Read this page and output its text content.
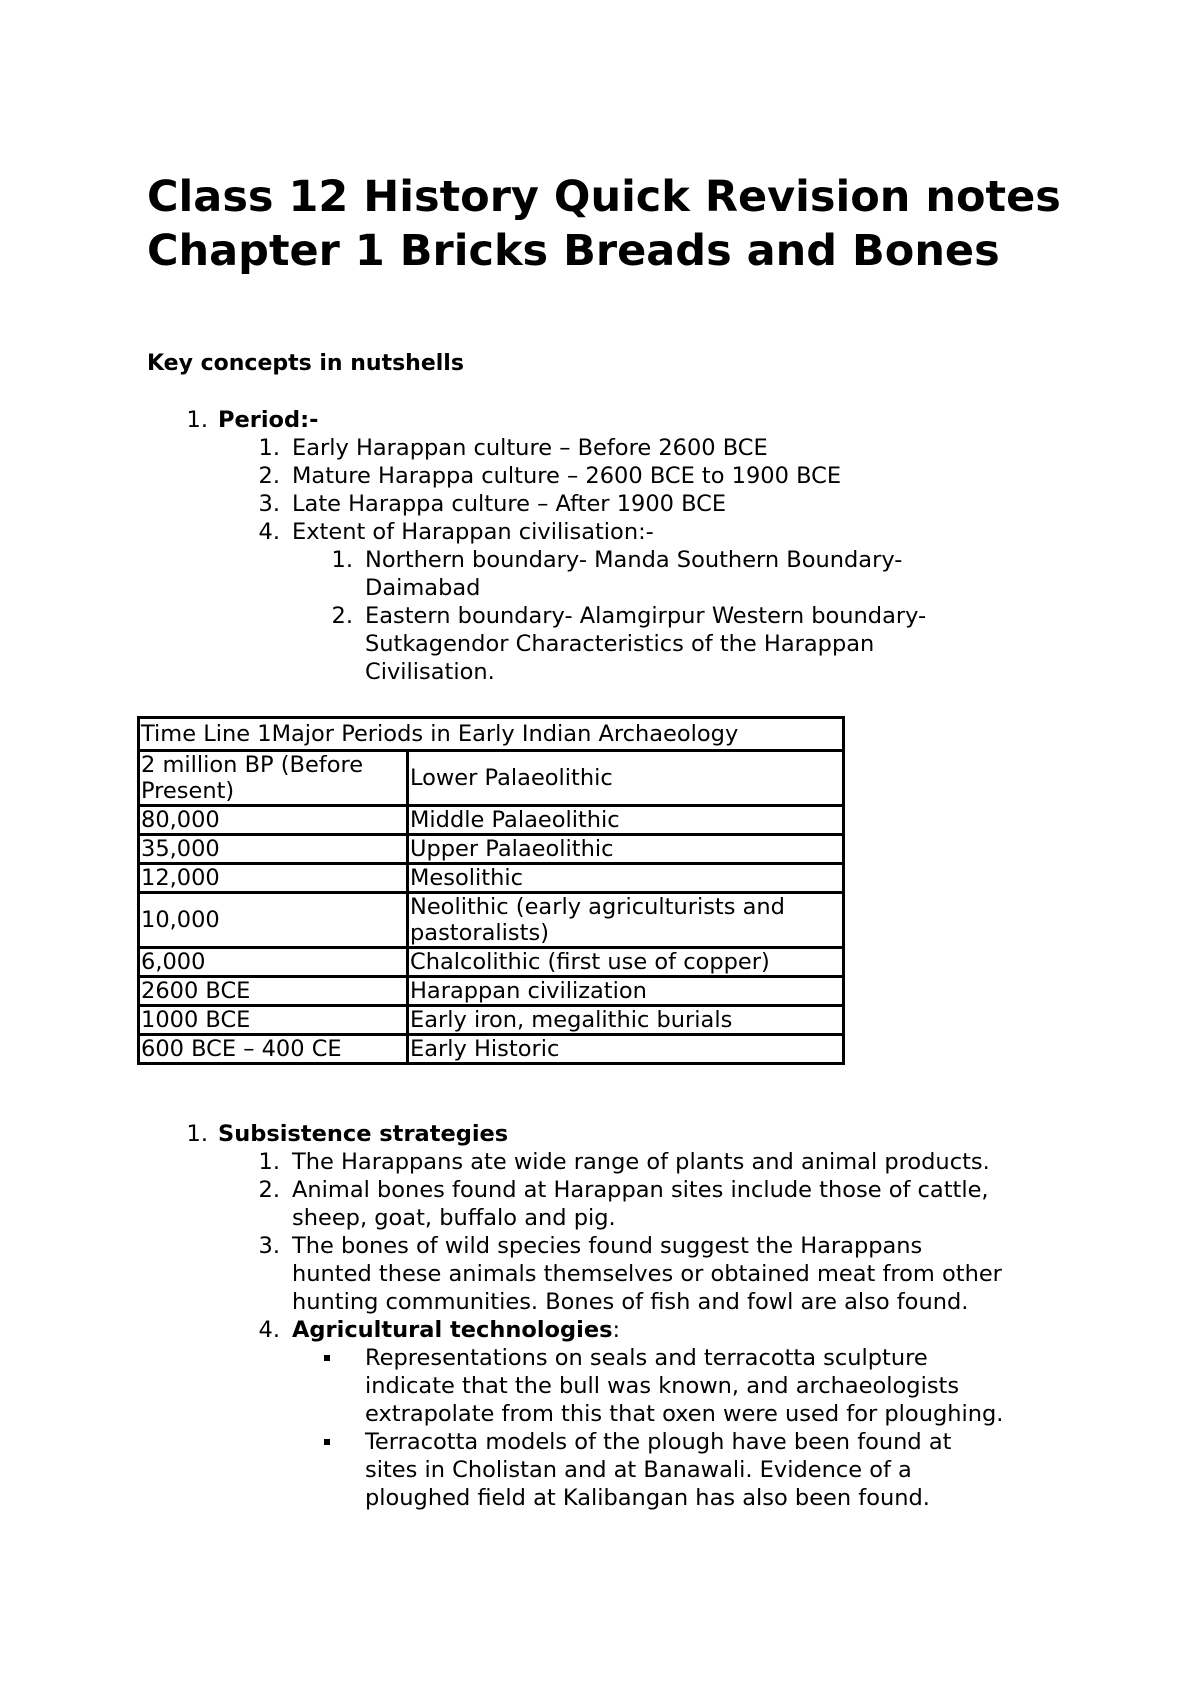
Class 12 History Quick Revision notes Chapter 1 Bricks Breads and Bones

Key concepts in nutshells

1. Period:-
1. Early Harappan culture – Before 2600 BCE
2. Mature Harappa culture – 2600 BCE to 1900 BCE
3. Late Harappa culture – After 1900 BCE
4. Extent of Harappan civilisation:-
1. Northern boundary- Manda Southern Boundary-
Daimabad
2. Eastern boundary- Alamgirpur Western boundary-
Sutkagendor Characteristics of the Harappan
Civilisation.
Time Line 1Major Periods in Early Indian Archaeology	
2 million BP (Before Present)	Lower Palaeolithic
80,000	Middle Palaeolithic
35,000	Upper Palaeolithic
12,000	Mesolithic
10,000	Neolithic (early agriculturists and pastoralists)
6,000	Chalcolithic (first use of copper)
2600 BCE	Harappan civilization
1000 BCE	Early iron, megalithic burials
600 BCE – 400 CE	Early Historic
1. Subsistence strategies
1. The Harappans ate wide range of plants and animal products.
2. Animal bones found at Harappan sites include those of cattle,
sheep, goat, buffalo and pig.
3. The bones of wild species found suggest the Harappans
hunted these animals themselves or obtained meat from other
hunting communities. Bones of fish and fowl are also found.
4. Agricultural technologies:
Representations on seals and terracotta sculpture
indicate that the bull was known, and archaeologists
extrapolate from this that oxen were used for ploughing.
Terracotta models of the plough have been found at
sites in Cholistan and at Banawali. Evidence of a
ploughed field at Kalibangan has also been found.
